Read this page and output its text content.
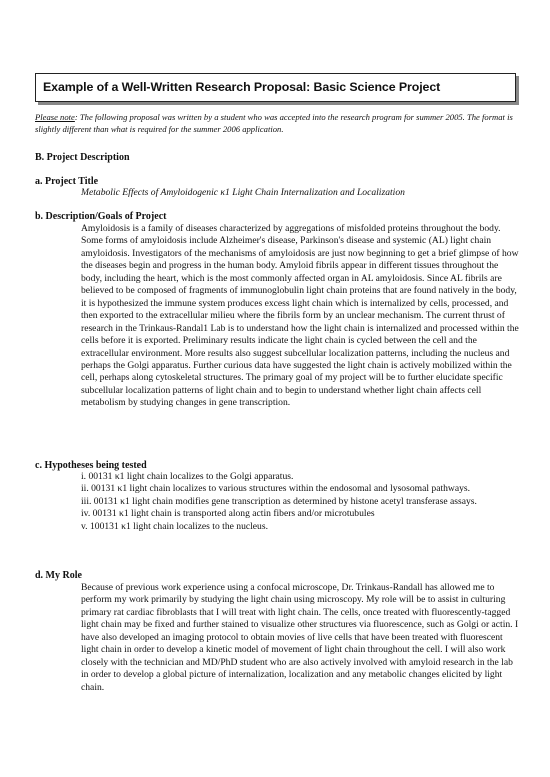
Example of a Well-Written Research Proposal: Basic Science Project
Please note: The following proposal was written by a student who was accepted into the research program for summer 2005. The format is slightly different than what is required for the summer 2006 application.
B. Project Description
a. Project Title
Metabolic Effects of Amyloidogenic κ1 Light Chain Internalization and Localization
b. Description/Goals of Project
Amyloidosis is a family of diseases characterized by aggregations of misfolded proteins throughout the body. Some forms of amyloidosis include Alzheimer's disease, Parkinson's disease and systemic (AL) light chain amyloidosis. Investigators of the mechanisms of amyloidosis are just now beginning to get a brief glimpse of how the diseases begin and progress in the human body. Amyloid fibrils appear in different tissues throughout the body, including the heart, which is the most commonly affected organ in AL amyloidosis. Since AL fibrils are believed to be composed of fragments of immunoglobulin light chain proteins that are found natively in the body, it is hypothesized the immune system produces excess light chain which is internalized by cells, processed, and then exported to the extracellular milieu where the fibrils form by an unclear mechanism. The current thrust of research in the Trinkaus-Randal1 Lab is to understand how the light chain is internalized and processed within the cells before it is exported. Preliminary results indicate the light chain is cycled between the cell and the extracellular environment. More results also suggest subcellular localization patterns, including the nucleus and perhaps the Golgi apparatus. Further curious data have suggested the light chain is actively mobilized within the cell, perhaps along cytoskeletal structures. The primary goal of my project will be to further elucidate specific subcellular localization patterns of light chain and to begin to understand whether light chain affects cell metabolism by studying changes in gene transcription.
c. Hypotheses being tested
i. 00131 κ1 light chain localizes to the Golgi apparatus.
ii. 00131 κ1 light chain localizes to various structures within the endosomal and lysosomal pathways.
iii. 00131 κ1 light chain modifies gene transcription as determined by histone acetyl transferase assays.
iv. 00131 κ1 light chain is transported along actin fibers and/or microtubules
v. 100131 κ1 light chain localizes to the nucleus.
d. My Role
Because of previous work experience using a confocal microscope, Dr. Trinkaus-Randall has allowed me to perform my work primarily by studying the light chain using microscopy. My role will be to assist in culturing primary rat cardiac fibroblasts that I will treat with light chain. The cells, once treated with fluorescently-tagged light chain may be fixed and further stained to visualize other structures via fluorescence, such as Golgi or actin. I have also developed an imaging protocol to obtain movies of live cells that have been treated with fluorescent light chain in order to develop a kinetic model of movement of light chain throughout the cell. I will also work closely with the technician and MD/PhD student who are also actively involved with amyloid research in the lab in order to develop a global picture of internalization, localization and any metabolic changes elicited by light chain.
